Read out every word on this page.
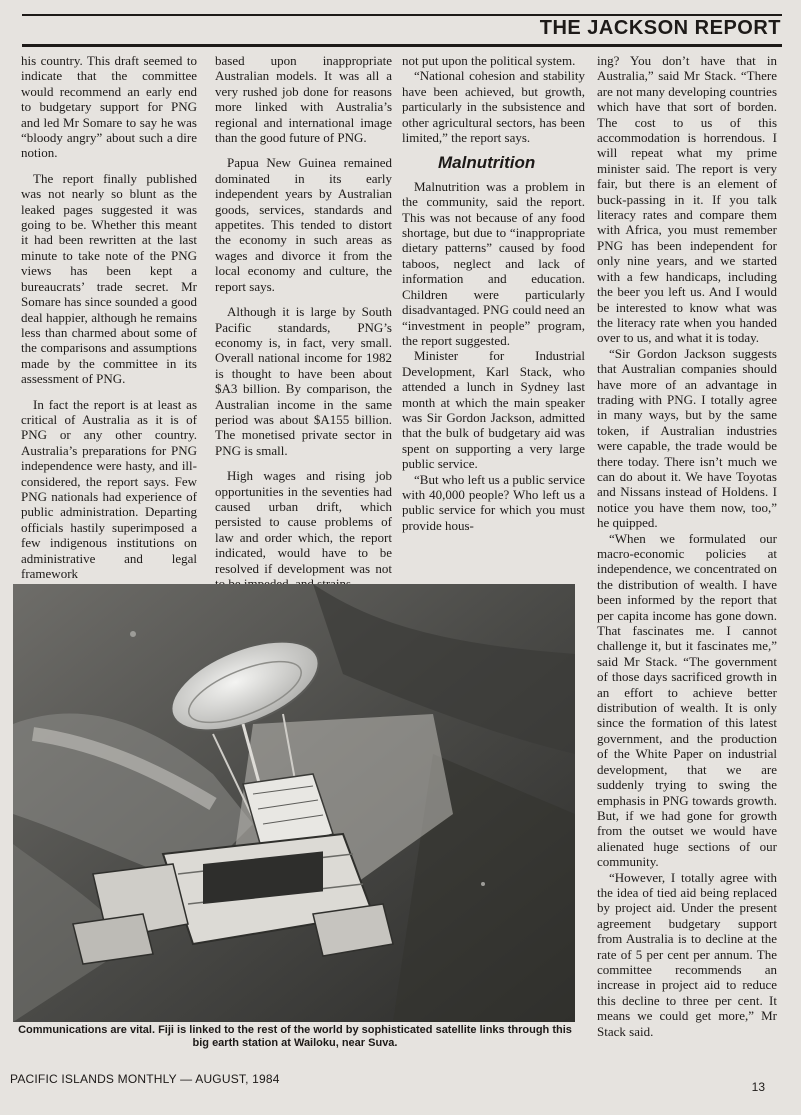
THE JACKSON REPORT

his country. This draft seemed to indicate that the committee would recommend an early end to budgetary support for PNG and led Mr Somare to say he was “bloody angry” about such a dire notion.

The report finally published was not nearly so blunt as the leaked pages suggested it was going to be. Whether this meant it had been rewritten at the last minute to take note of the PNG views has been kept a bureaucrats’ trade secret. Mr Somare has since sounded a good deal happier, although he remains less than charmed about some of the comparisons and assumptions made by the committee in its assessment of PNG.

In fact the report is at least as critical of Australia as it is of PNG or any other country. Australia’s preparations for PNG independence were hasty, and ill-considered, the report says. Few PNG nationals had experience of public administration. Departing officials hastily superimposed a few indigenous institutions on administrative and legal framework

based upon inappropriate Australian models. It was all a very rushed job done for reasons more linked with Australia’s regional and international image than the good future of PNG.

Papua New Guinea remained dominated in its early independent years by Australian goods, services, standards and appetites. This tended to distort the economy in such areas as wages and divorce it from the local economy and culture, the report says.

Although it is large by South Pacific standards, PNG’s economy is, in fact, very small. Overall national income for 1982 is thought to have been about $A3 billion. By comparison, the Australian income in the same period was about $A155 billion. The monetised private sector in PNG is small.

High wages and rising job opportunities in the seventies had caused urban drift, which persisted to cause problems of law and order which, the report indicated, would have to be resolved if development was not

not put upon the political system.

“National cohesion and stability have been achieved, but growth, particularly in the subsistence and other agricultural sectors, has been limited,” the report says.

Malnutrition

Malnutrition was a problem in the community, said the report. This was not because of any food shortage, but due to “inappropriate dietary patterns” caused by food taboos, neglect and lack of information and education. Children were particularly disadvantaged. PNG could need an “investment in people” program, the report suggested.

Minister for Industrial Development, Karl Stack, who attended a lunch in Sydney last month at which the main speaker was Sir Gordon Jackson, admitted that the bulk of budgetary aid was spent on supporting a very large public service.

“But who left us a public service with 40,000 people? Who left us a public service for which you must provide hous-

ing? You don’t have that in Australia,” said Mr Stack. “There are not many developing countries which have that sort of borden. The cost to us of this accommodation is horrendous. I will repeat what my prime minister said. The report is very fair, but there is an element of buck-passing in it. If you talk literacy rates and compare them with Africa, you must remember PNG has been independent for only nine years, and we started with a few handicaps, including the beer you left us. And I would be interested to know what was the literacy rate when you handed over to us, and what it is today.

“Sir Gordon Jackson suggests that Australian companies should have more of an advantage in trading with PNG. I totally agree in many ways, but by the same token, if Australian industries were capable, the trade would be there today. There isn’t much we can do about it. We have Toyotas and Nissans instead of Holdens. I notice you have them now, too,” he quipped.

“When we formulated our macro-economic policies at independence, we concentrated on the distribution of wealth. I have been informed by the report that per capita income has gone down. That fascinates me. I cannot challenge it, but it fascinates me,” said Mr Stack. “The government of those days sacrificed growth in an effort to achieve better distribution of wealth. It is only since the formation of this latest government, and the production of the White Paper on industrial development, that we are suddenly trying to swing the emphasis in PNG towards growth. But, if we had gone for growth from the outset we would have alienated huge sections of our community.

“However, I totally agree with the idea of tied aid being replaced by project aid. Under the present agreement budgetary support from Australia is to decline at the rate of 5 per cent per annum. The committee recommends an increase in project aid to reduce this decline to three per cent. It means we could get more,” Mr Stack said.

Communications are vital. Fiji is linked to the rest of the world by sophisticated satellite links through this big earth station at Wailoku, near Suva.
PACIFIC ISLANDS MONTHLY — AUGUST, 1984
13
